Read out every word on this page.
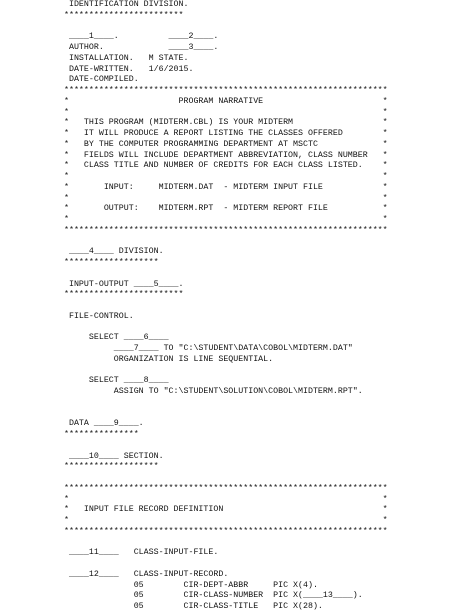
IDENTIFICATION DIVISION.
************************
____1____.          ____2____.
AUTHOR.             ____3____.
INSTALLATION.   M STATE.
DATE-WRITTEN.   1/6/2015.
DATE-COMPILED.
*****************************************************************
*                      PROGRAM NARRATIVE                        *
*                                                               *
*   THIS PROGRAM (MIDTERM.CBL) IS YOUR MIDTERM                  *
*   IT WILL PRODUCE A REPORT LISTING THE CLASSES OFFERED        *
*   BY THE COMPUTER PROGRAMMING DEPARTMENT AT MSCTC             *
*   FIELDS WILL INCLUDE DEPARTMENT ABBREVIATION, CLASS NUMBER   *
*   CLASS TITLE AND NUMBER OF CREDITS FOR EACH CLASS LISTED.    *
*                                                               *
*       INPUT:     MIDTERM.DAT  - MIDTERM INPUT FILE            *
*                                                               *
*       OUTPUT:    MIDTERM.RPT  - MIDTERM REPORT FILE           *
*                                                               *
*****************************************************************
____4____ DIVISION.
*******************
INPUT-OUTPUT ____5____.
************************
FILE-CONTROL.
SELECT ____6____
____7____ TO "C:\STUDENT\DATA\COBOL\MIDTERM.DAT"
ORGANIZATION IS LINE SEQUENTIAL.
SELECT ____8____
ASSIGN TO "C:\STUDENT\SOLUTION\COBOL\MIDTERM.RPT".
DATA ____9____.
***************
____10____ SECTION.
*******************
*****************************************************************
*                                                               *
*   INPUT FILE RECORD DEFINITION                                *
*                                                               *
*****************************************************************
____11____   CLASS-INPUT-FILE.
____12____   CLASS-INPUT-RECORD.
05        CIR-DEPT-ABBR     PIC X(4).
05        CIR-CLASS-NUMBER  PIC X(____13____).
05        CIR-CLASS-TITLE   PIC X(28).
